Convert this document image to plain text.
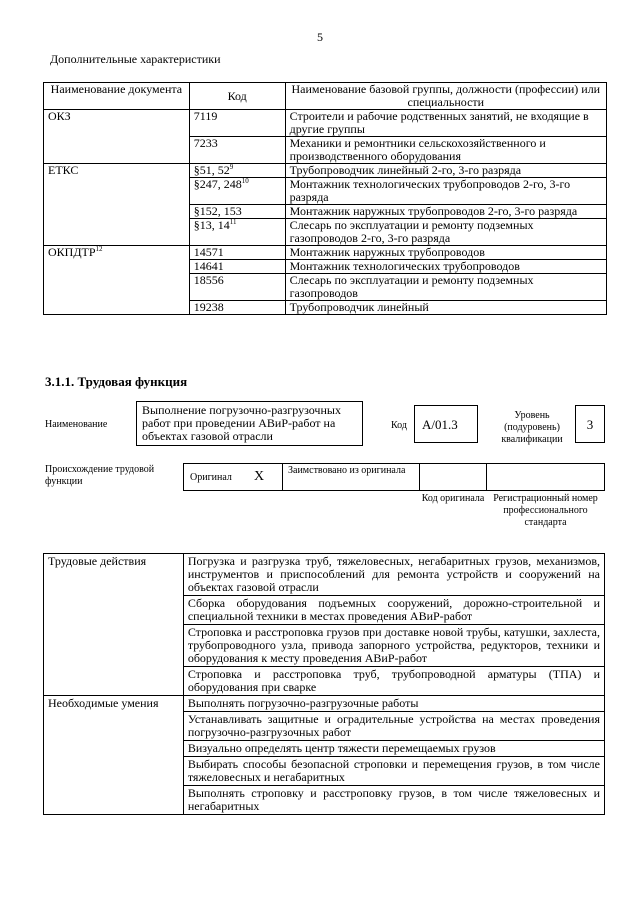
5
Дополнительные характеристики
Наименование документа	Код	Наименование базовой группы, должности (профессии) или специальности
ОКЗ	7119	Строители и рабочие родственных занятий, не входящие в другие группы
	7233	Механики и ремонтники сельскохозяйственного и производственного оборудования
ЕТКС	§51, $52^9$	Трубопроводчик линейный 2-го, 3-го разряда
	§247, $248^{10}$	Монтажник технологических трубопроводов 2-го, 3-го разряда
	§152, 153	Монтажник наружных трубопроводов 2-го, 3-го разряда
	§13, $14^{11}$	Слесарь по эксплуатации и ремонту подземных газопроводов 2-го, 3-го разряда
ОКПДТР$^{12}$	14571	Монтажник наружных трубопроводов
	14641	Монтажник технологических трубопроводов
	18556	Слесарь по эксплуатации и ремонту подземных газопроводов
	19238	Трубопроводчик линейный
3.1.1. Трудовая функция
Наименование
Выполнение погрузочно-разгрузочных работ при проведении АВиР-работ на объектах газовой отрасли
Код	А/01.3
Уровень (подуровень) квалификации
3
Происхождение трудовой функции	Оригинал X Заимствовано из оригинала
Код оригинала Регистрационный номер профессионального стандарта
Трудовые действия	Погрузка и разгрузка труб, тяжеловесных, негабаритных грузов, механизмов, инструментов и приспособлений для ремонта устройств и сооружений на объектах газовой отрасли
	Сборка оборудования подъемных сооружений, дорожно-строительной и специальной техники в местах проведения АВиР-работ
	Строповка и расстроповка грузов при доставке новой трубы, катушки, захлеста, трубопроводного узла, привода запорного устройства, редукторов, техники и оборудования к месту проведения АВиР-работ
	Строповка и расстроповка труб, трубопроводной арматуры (ТПА) и оборудования при сварке
Необходимые умения	Выполнять погрузочно-разгрузочные работы
	Устанавливать защитные и оградительные устройства на местах проведения погрузочно-разгрузочных работ
	Визуально определять центр тяжести перемещаемых грузов
	Выбирать способы безопасной строповки и перемещения грузов, в том числе тяжеловесных и негабаритных
	Выполнять строповку и расстроповку грузов, в том числе тяжеловесных и негабаритных
